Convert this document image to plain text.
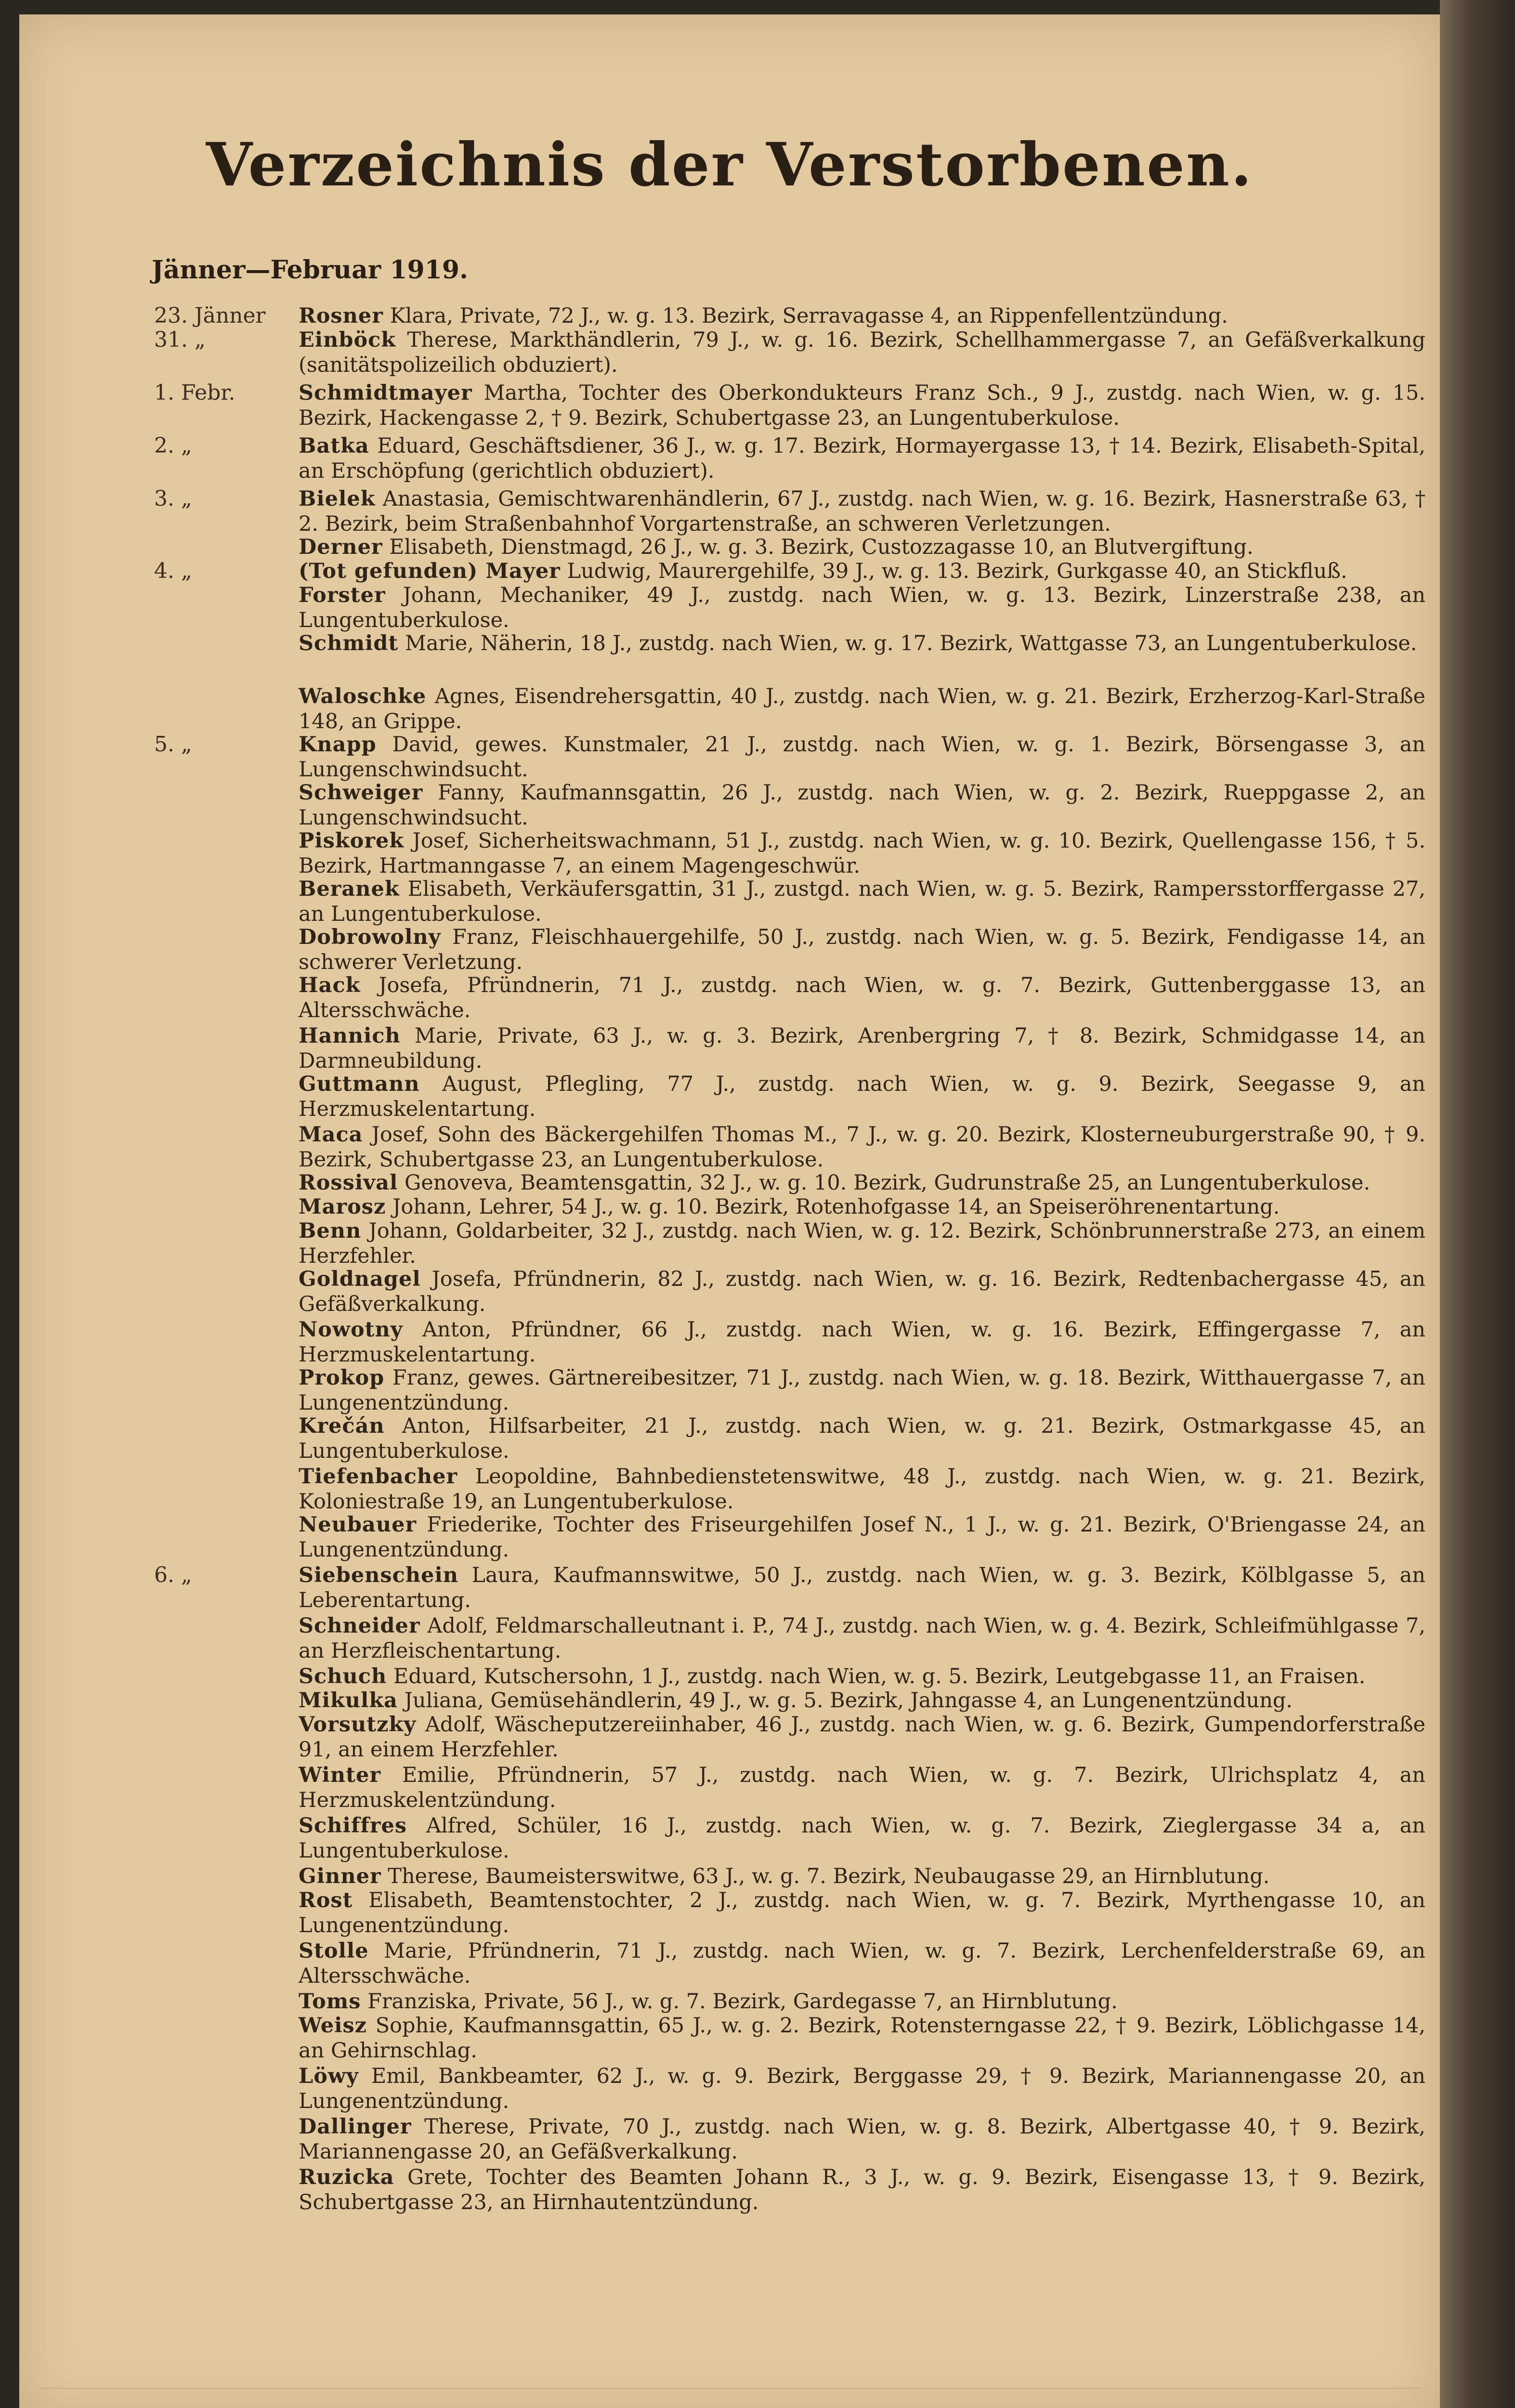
Verzeichnis der Verstorbenen.
Jänner—Februar 1919.
23. Jänner	Rosner Klara, Private, 72 J., w. g. 13. Bezirk, Serravagasse 4, an Rippenfellentzündung.
31. „	Einböck Therese, Markthändlerin, 79 J., w. g. 16. Bezirk, Schellhammergasse 7, an Gefäßverkalkung (sanitätspolizeilich obduziert).
1. Febr.	Schmidtmayer Martha, Tochter des Oberkondukteurs Franz Sch., 9 J., zustdg. nach Wien, w. g. 15. Bezirk, Hackengasse 2, † 9. Bezirk, Schubertgasse 23, an Lungentuberkulose.
2. „	Batka Eduard, Geschäftsdiener, 36 J., w. g. 17. Bezirk, Hormayergasse 13, † 14. Bezirk, Elisabeth-Spital, an Erschöpfung (gerichtlich obduziert).
3. „	Bielek Anastasia, Gemischtwarenhändlerin, 67 J., zustdg. nach Wien, w. g. 16. Bezirk, Hasnerstraße 63, † 2. Bezirk, beim Straßenbahnhof Vorgartenstraße, an schweren Verletzungen.
Derner Elisabeth, Dienstmagd, 26 J., w. g. 3. Bezirk, Custozzagasse 10, an Blutvergiftung.
4. „	(Tot gefunden) Mayer Ludwig, Maurergehilfe, 39 J., w. g. 13. Bezirk, Gurkgasse 40, an Stickfluß.
Forster Johann, Mechaniker, 49 J., zustdg. nach Wien, w. g. 13. Bezirk, Linzerstraße 238, an Lungentuberkulose.
Schmidt Marie, Näherin, 18 J., zustdg. nach Wien, w. g. 17. Bezirk, Wattgasse 73, an Lungentuberkulose.
Waloschke Agnes, Eisendrehersgattin, 40 J., zustdg. nach Wien, w. g. 21. Bezirk, Erzherzog-Karl-Straße 148, an Grippe.
5. „	Knapp David, gewes. Kunstmaler, 21 J., zustdg. nach Wien, w. g. 1. Bezirk, Börsengasse 3, an Lungenschwindsucht.
Schweiger Fanny, Kaufmannsgattin, 26 J., zustdg. nach Wien, w. g. 2. Bezirk, Rueppgasse 2, an Lungenschwindsucht.
Piskorek Josef, Sicherheitswachmann, 51 J., zustdg. nach Wien, w. g. 10. Bezirk, Quellengasse 156, † 5. Bezirk, Hartmanngasse 7, an einem Magengeschwür.
Beranek Elisabeth, Verkäufersgattin, 31 J., zustgd. nach Wien, w. g. 5. Bezirk, Rampersstorffergasse 27, an Lungentuberkulose.
Dobrowolny Franz, Fleischhauergehilfe, 50 J., zustdg. nach Wien, w. g. 5. Bezirk, Fendigasse 14, an schwerer Verletzung.
Hack Josefa, Pfründnerin, 71 J., zustdg. nach Wien, w. g. 7. Bezirk, Guttenberggasse 13, an Altersschwäche.
Hannich Marie, Private, 63 J., w. g. 3. Bezirk, Arenbergring 7, † 8. Bezirk, Schmidgasse 14, an Darmneubildung.
Guttmann August, Pflegling, 77 J., zustdg. nach Wien, w. g. 9. Bezirk, Seegasse 9, an Herzmuskelentartung.
Maca Josef, Sohn des Bäckergehilfen Thomas M., 7 J., w. g. 20. Bezirk, Klosterneuburgerstraße 90, † 9. Bezirk, Schubertgasse 23, an Lungentuberkulose.
Rossival Genoveva, Beamtensgattin, 32 J., w. g. 10. Bezirk, Gudrunstraße 25, an Lungentuberkulose.
Marosz Johann, Lehrer, 54 J., w. g. 10. Bezirk, Rotenhofgasse 14, an Speiseröhrenentartung.
Benn Johann, Goldarbeiter, 32 J., zustdg. nach Wien, w. g. 12. Bezirk, Schönbrunnerstraße 273, an einem Herzfehler.
Goldnagel Josefa, Pfründnerin, 82 J., zustdg. nach Wien, w. g. 16. Bezirk, Redtenbachergasse 45, an Gefäßverkalkung.
Nowotny Anton, Pfründner, 66 J., zustdg. nach Wien, w. g. 16. Bezirk, Effingergasse 7, an Herzmuskelentartung.
Prokop Franz, gewes. Gärtnereibesitzer, 71 J., zustdg. nach Wien, w. g. 18. Bezirk, Witthauergasse 7, an Lungenentzündung.
Krečán Anton, Hilfsarbeiter, 21 J., zustdg. nach Wien, w. g. 21. Bezirk, Ostmarkgasse 45, an Lungentuberkulose.
Tiefenbacher Leopoldine, Bahnbedienstetenswitwe, 48 J., zustdg. nach Wien, w. g. 21. Bezirk, Koloniestraße 19, an Lungentuberkulose.
Neubauer Friederike, Tochter des Friseurgehilfen Josef N., 1 J., w. g. 21. Bezirk, O'Briengasse 24, an Lungenentzündung.
6. „	Siebenschein Laura, Kaufmannswitwe, 50 J., zustdg. nach Wien, w. g. 3. Bezirk, Kölblgasse 5, an Leberentartung.
Schneider Adolf, Feldmarschalleutnant i. P., 74 J., zustdg. nach Wien, w. g. 4. Bezirk, Schleifmühlgasse 7, an Herzfleischentartung.
Schuch Eduard, Kutschersohn, 1 J., zustdg. nach Wien, w. g. 5. Bezirk, Leutgebgasse 11, an Fraisen.
Mikulka Juliana, Gemüsehändlerin, 49 J., w. g. 5. Bezirk, Jahngasse 4, an Lungenentzündung.
Vorsutzky Adolf, Wäscheputzereiinhaber, 46 J., zustdg. nach Wien, w. g. 6. Bezirk, Gumpendorferstraße 91, an einem Herzfehler.
Winter Emilie, Pfründnerin, 57 J., zustdg. nach Wien, w. g. 7. Bezirk, Ulrichsplatz 4, an Herzmuskelentzündung.
Schiffres Alfred, Schüler, 16 J., zustdg. nach Wien, w. g. 7. Bezirk, Zieglergasse 34 a, an Lungentuberkulose.
Ginner Therese, Baumeisterswitwe, 63 J., w. g. 7. Bezirk, Neubaugasse 29, an Hirnblutung.
Rost Elisabeth, Beamtenstochter, 2 J., zustdg. nach Wien, w. g. 7. Bezirk, Myrthengasse 10, an Lungenentzündung.
Stolle Marie, Pfründnerin, 71 J., zustdg. nach Wien, w. g. 7. Bezirk, Lerchenfelderstraße 69, an Altersschwäche.
Toms Franziska, Private, 56 J., w. g. 7. Bezirk, Gardegasse 7, an Hirnblutung.
Weisz Sophie, Kaufmannsgattin, 65 J., w. g. 2. Bezirk, Rotensterngasse 22, † 9. Bezirk, Löblichgasse 14, an Gehirnschlag.
Löwy Emil, Bankbeamter, 62 J., w. g. 9. Bezirk, Berggasse 29, † 9. Bezirk, Mariannengasse 20, an Lungenentzündung.
Dallinger Therese, Private, 70 J., zustdg. nach Wien, w. g. 8. Bezirk, Albertgasse 40, † 9. Bezirk, Mariannengasse 20, an Gefäßverkalkung.
Ruzicka Grete, Tochter des Beamten Johann R., 3 J., w. g. 9. Bezirk, Eisengasse 13, † 9. Bezirk, Schubertgasse 23, an Hirnhautentzündung.
